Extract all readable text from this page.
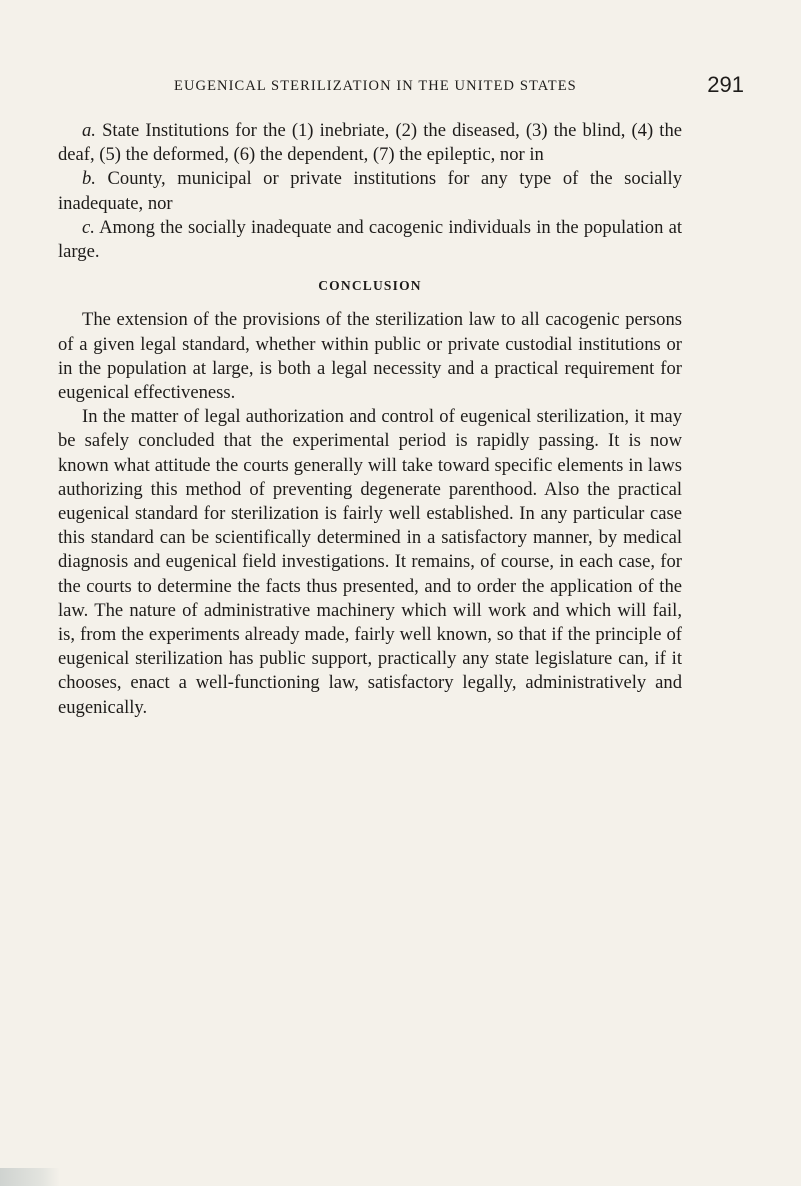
EUGENICAL STERILIZATION IN THE UNITED STATES	291

a. State Institutions for the (1) inebriate, (2) the diseased, (3) the blind, (4) the deaf, (5) the deformed, (6) the dependent, (7) the epileptic, nor in

b. County, municipal or private institutions for any type of the socially inadequate, nor

c. Among the socially inadequate and cacogenic individuals in the population at large.

CONCLUSION

The extension of the provisions of the sterilization law to all cacogenic persons of a given legal standard, whether within public or private custodial institutions or in the population at large, is both a legal necessity and a practical requirement for eugenical effectiveness.

In the matter of legal authorization and control of eugenical sterilization, it may be safely concluded that the experimental period is rapidly passing. It is now known what attitude the courts generally will take toward specific elements in laws authorizing this method of preventing degenerate parenthood. Also the practical eugenical standard for sterilization is fairly well established. In any particular case this standard can be scientifically determined in a satisfactory manner, by medical diagnosis and eugenical field investigations. It remains, of course, in each case, for the courts to determine the facts thus presented, and to order the application of the law. The nature of administrative machinery which will work and which will fail, is, from the experiments already made, fairly well known, so that if the principle of eugenical sterilization has public support, practically any state legislature can, if it chooses, enact a well-functioning law, satisfactory legally, administratively and eugenically.
